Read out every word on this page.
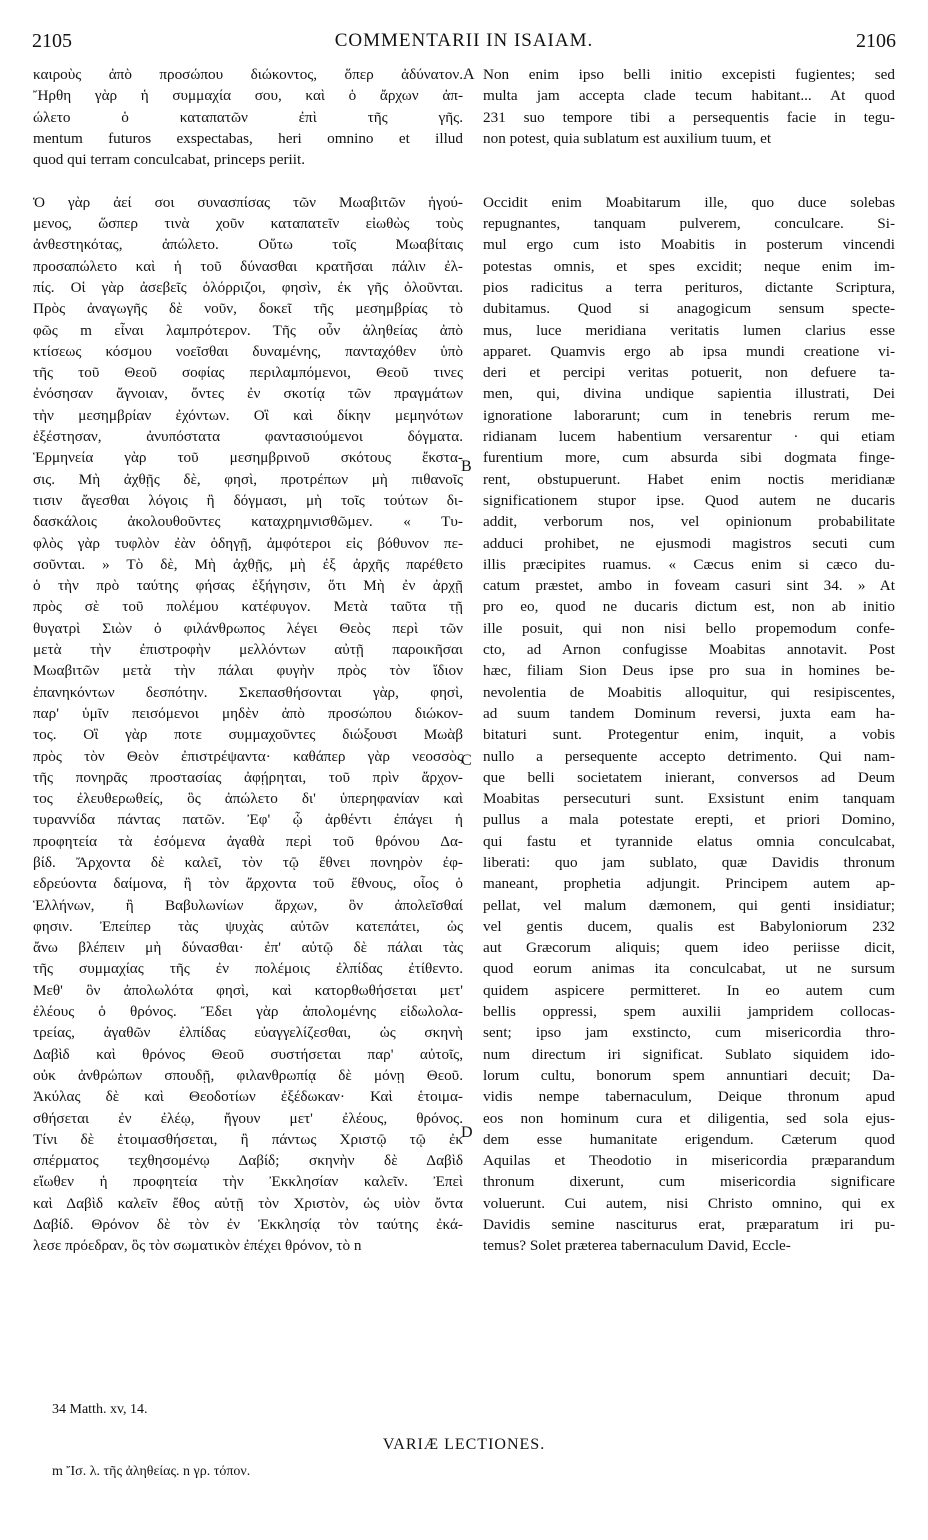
2105	COMMENTARII IN ISAIAM.	2106
καιροὺς ἀπὸ προσώπου διώκοντος, ὅπερ ἀδύνατον.
Ἤρθη γὰρ ἡ συμμαχία σου, καὶ ὁ ἄρχων ἀπ-
ώλετο ὁ καταπατῶν ἐπὶ τῆς γῆς.
mentum futuros exspectabas, heri omnino et illud
quod qui terram conculcabat, princeps periit.
Ὁ γὰρ ἀεί σοι συνασπίσας τῶν Μωαβιτῶν ἡγού-
μενος, ὥσπερ τινὰ χοῦν καταπατεῖν εἰωθὼς τοὺς
ἀνθεστηκότας, ἀπώλετο. Οὕτω τοῖς Μωαβίταις
προσαπώλετο καὶ ἡ τοῦ δύνασθαι κρατῆσαι πάλιν ἐλ-
πίς. Οἱ γὰρ ἀσεβεῖς ὁλόρριζοι, φησὶν, ἐκ γῆς ὀλοῦνται.
Πρὸς ἀναγωγῆς δὲ νοῦν, δοκεῖ τῆς μεσημβρίας τὸ
φῶς m εἶναι λαμπρότερον. Τῆς οὖν ἀληθείας ἀπὸ
κτίσεως κόσμου νοεῖσθαι δυναμένης, πανταχόθεν ὑπὸ
τῆς τοῦ Θεοῦ σοφίας περιλαμπόμενοι, Θεοῦ τινες
ἐνόσησαν ἄγνοιαν, ὄντες ἐν σκοτίᾳ τῶν πραγμάτων
τὴν μεσημβρίαν ἐχόντων. Οἳ καὶ δίκην μεμηνότων
ἐξέστησαν, ἀνυπόστατα φαντασιούμενοι δόγματα.
Ἑρμηνεία γὰρ τοῦ μεσημβρινοῦ σκότους ἔκστα-
σις. Μὴ ἀχθῇς δὲ, φησὶ, προτρέπων μὴ πιθανοῖς
τισιν ἄγεσθαι λόγοις ἢ δόγμασι, μὴ τοῖς τούτων δι-
δασκάλοις ἀκολουθοῦντες καταχρημνισθῶμεν. « Τυ-
φλὸς γὰρ τυφλὸν ἐὰν ὁδηγῇ, ἀμφότεροι εἰς βόθυνον πε-
σοῦνται. » Τὸ δὲ, Μὴ ἀχθῇς, μὴ ἐξ ἀρχῆς παρέθετο
ὁ τὴν πρὸ ταύτης φήσας ἐξήγησιν, ὅτι Μὴ ἐν ἀρχῇ
πρὸς σὲ τοῦ πολέμου κατέφυγον. Μετὰ ταῦτα τῇ
θυγατρὶ Σιὼν ὁ φιλάνθρωπος λέγει Θεὸς περὶ τῶν
μετὰ τὴν ἐπιστροφὴν μελλόντων αὐτῇ παροικῆσαι
Μωαβιτῶν μετὰ τὴν πάλαι φυγὴν πρὸς τὸν ἴδιον
ἐπανηκόντων δεσπότην. Σκεπασθήσονται γὰρ, φησὶ,
παρ' ὑμῖν πεισόμενοι μηδὲν ἀπὸ προσώπου διώκον-
τος. Οἳ γὰρ ποτε συμμαχοῦντες διώξουσι Μωὰβ
πρὸς τὸν Θεὸν ἐπιστρέψαντα· καθάπερ γὰρ νεοσσὸς
τῆς πονηρᾶς προστασίας ἀφῄρηται, τοῦ πρὶν ἄρχον-
τος ἐλευθερωθείς, ὃς ἀπώλετο δι' ὑπερηφανίαν καὶ
τυραννίδα πάντας πατῶν. Ἐφ' ᾧ ἀρθέντι ἐπάγει ἡ
προφητεία τὰ ἐσόμενα ἀγαθὰ περὶ τοῦ θρόνου Δα-
βίδ. Ἄρχοντα δὲ καλεῖ, τὸν τῷ ἔθνει πονηρὸν ἐφ-
εδρεύοντα δαίμονα, ἢ τὸν ἄρχοντα τοῦ ἔθνους, οἷος ὁ
Ἑλλήνων, ἢ Βαβυλωνίων ἄρχων, ὃν ἀπολεῖσθαί
φησιν. Ἐπείπερ τὰς ψυχὰς αὐτῶν κατεπάτει, ὡς
ἄνω βλέπειν μὴ δύνασθαι· ἐπ' αὐτῷ δὲ πάλαι τὰς
τῆς συμμαχίας τῆς ἐν πολέμοις ἐλπίδας ἐτίθεντο.
Μεθ' ὃν ἀπολωλότα φησὶ, καὶ κατορθωθήσεται μετ'
ἐλέους ὁ θρόνος. Ἔδει γὰρ ἀπολομένης εἰδωλολα-
τρείας, ἀγαθῶν ἐλπίδας εὐαγγελίζεσθαι, ὡς σκηνὴ
Δαβὶδ καὶ θρόνος Θεοῦ συστήσεται παρ' αὐτοῖς,
οὐκ ἀνθρώπων σπουδῇ, φιλανθρωπίᾳ δὲ μόνῃ Θεοῦ.
Ἀκύλας δὲ καὶ Θεοδοτίων ἐξέδωκαν· Καὶ ἑτοιμα-
σθήσεται ἐν ἐλέῳ, ἤγουν μετ' ἐλέους, θρόνος.
Τίνι δὲ ἑτοιμασθήσεται, ἢ πάντως Χριστῷ τῷ ἐκ
σπέρματος τεχθησομένῳ Δαβίδ; σκηνὴν δὲ Δαβὶδ
εἴωθεν ἡ προφητεία τὴν Ἐκκλησίαν καλεῖν. Ἐπεὶ
καὶ Δαβὶδ καλεῖν ἔθος αὐτῇ τὸν Χριστὸν, ὡς υἱὸν ὄντα
Δαβίδ. Θρόνον δὲ τὸν ἐν Ἐκκλησίᾳ τὸν ταύτης ἐκά-
λεσε πρόεδραν, ὃς τὸν σωματικὸν ἐπέχει θρόνον, τὸ n
Non enim ipso belli initio excepisti fugientes; sed
multa jam accepta clade tecum habitant... At quod
231 suo tempore tibi a persequentis facie in tegu-
non potest, quia sublatum est auxilium tuum, et
Occidit enim Moabitarum ille, quo duce solebas
repugnantes, tanquam pulverem, conculcare. Si-
mul ergo cum isto Moabitis in posterum vincendi
potestas omnis, et spes excidit; neque enim im-
pios radicitus a terra perituros, dictante Scriptura,
dubitamus. Quod si anagogicum sensum specte-
mus, luce meridiana veritatis lumen clarius esse
apparet. Quamvis ergo ab ipsa mundi creatione vi-
deri et percipi veritas potuerit, non defuere ta-
men, qui, divina undique sapientia illustrati, Dei
ignoratione laborarunt; cum in tenebris rerum me-
ridianam lucem habentium versarentur · qui etiam
furentium more, cum absurda sibi dogmata finge-
rent, obstupuerunt. Habet enim noctis meridianæ
significationem stupor ipse. Quod autem ne ducaris
addit, verborum nos, vel opinionum probabilitate
adduci prohibet, ne ejusmodi magistros secuti cum
illis præcipites ruamus. « Cæcus enim si cæco du-
catum præstet, ambo in foveam casuri sint 34. » At
pro eo, quod ne ducaris dictum est, non ab initio
ille posuit, qui non nisi bello propemodum confe-
cto, ad Arnon confugisse Moabitas annotavit. Post
hæc, filiam Sion Deus ipse pro sua in homines be-
nevolentia de Moabitis alloquitur, qui resipiscentes,
ad suum tandem Dominum reversi, juxta eam ha-
bitaturi sunt. Protegentur enim, inquit, a vobis
nullo a persequente accepto detrimento. Qui nam-
que belli societatem inierant, conversos ad Deum
Moabitas persecuturi sunt. Exsistunt enim tanquam
pullus a mala potestate erepti, et priori Domino,
qui fastu et tyrannide elatus omnia conculcabat,
liberati: quo jam sublato, quæ Davidis thronum
maneant, prophetia adjungit. Principem autem ap-
pellat, vel malum dæmonem, qui genti insidiatur;
vel gentis ducem, qualis est Babyloniorum 232
aut Græcorum aliquis; quem ideo periisse dicit,
quod eorum animas ita conculcabat, ut ne sursum
quidem aspicere permitteret. In eo autem cum
bellis oppressi, spem auxilii jampridem collocas-
sent; ipso jam exstincto, cum misericordia thro-
num directum iri significat. Sublato siquidem ido-
lorum cultu, bonorum spem annuntiari decuit; Da-
vidis nempe tabernaculum, Deique thronum apud
eos non hominum cura et diligentia, sed sola ejus-
dem esse humanitate erigendum. Cæterum quod
Aquilas et Theodotio in misericordia præparandum
thronum dixerunt, cum misericordia significare
voluerunt. Cui autem, nisi Christo omnino, qui ex
Davidis semine nasciturus erat, præparatum iri pu-
temus? Solet præterea tabernaculum David, Eccle-
A
B
C
D
34 Matth. xv, 14.
VARIÆ LECTIONES.
m Ἴσ. λ. τῆς ἀληθείας. n γρ. τόπον.
